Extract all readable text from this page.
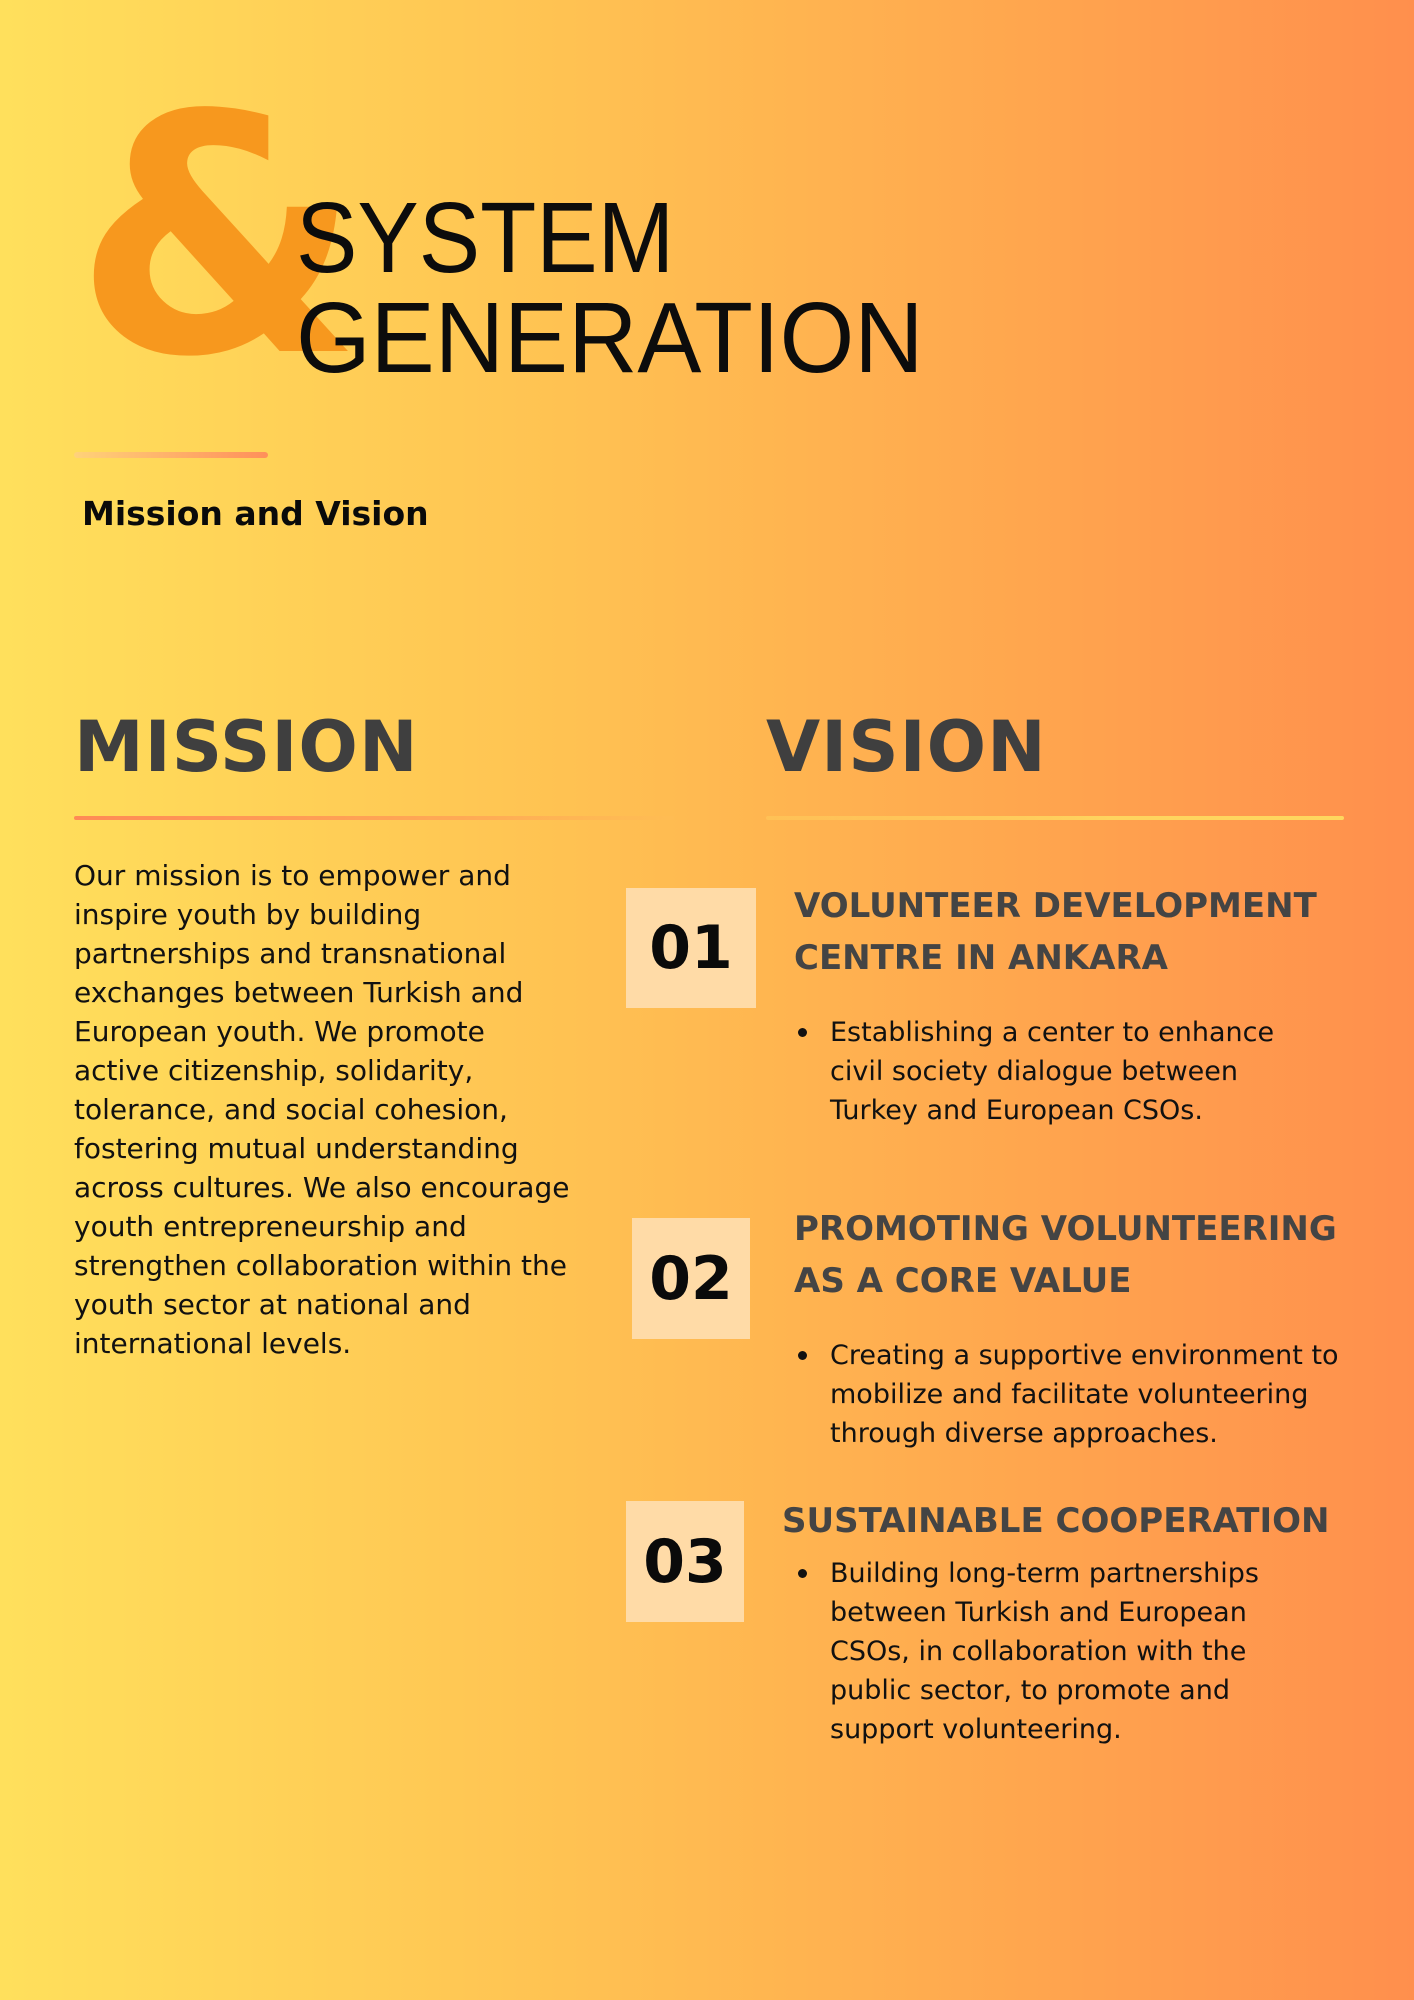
&
SYSTEM
GENERATION
Mission and Vision
MISSION	VISION
Our mission is to empower and inspire youth by building partnerships and transnational exchanges between Turkish and European youth. We promote active citizenship, solidarity, tolerance, and social cohesion, fostering mutual understanding across cultures. We also encourage youth entrepreneurship and strengthen collaboration within the youth sector at national and international levels.
01
VOLUNTEER DEVELOPMENT CENTRE IN ANKARA
Establishing a center to enhance civil society dialogue between Turkey and European CSOs.
02
PROMOTING VOLUNTEERING AS A CORE VALUE
Creating a supportive environment to mobilize and facilitate volunteering through diverse approaches.
03
SUSTAINABLE COOPERATION
Building long-term partnerships between Turkish and European CSOs, in collaboration with the public sector, to promote and support volunteering.
